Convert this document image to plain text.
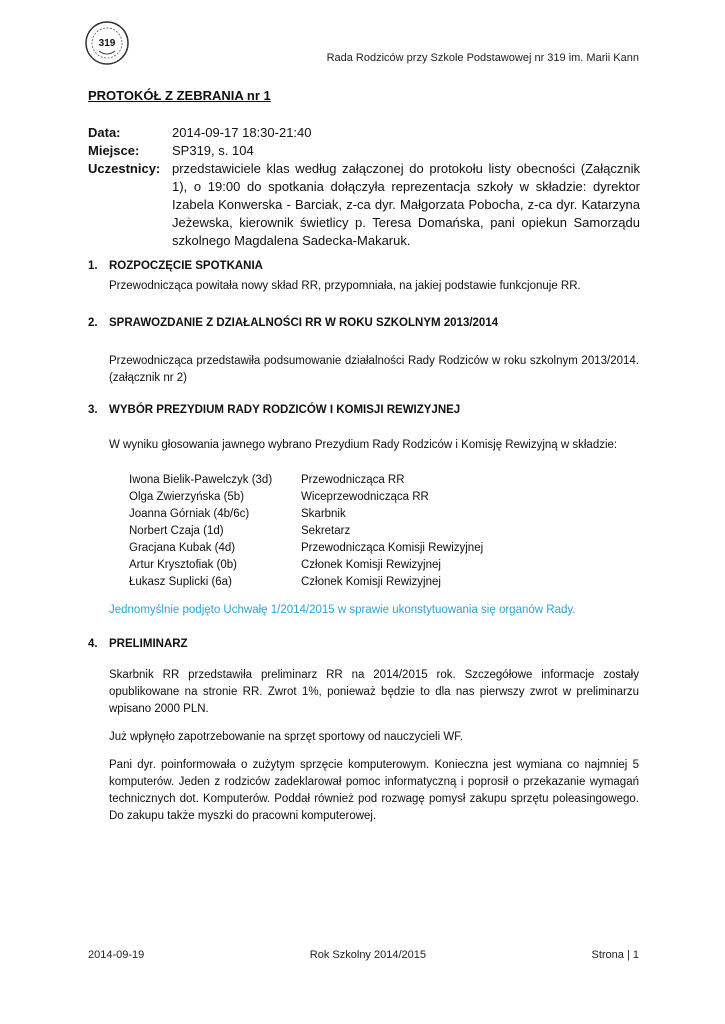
319
Rada Rodziców przy Szkole Podstawowej nr 319 im. Marii Kann
PROTOKÓŁ Z ZEBRANIA nr 1
Data:	2014-09-17 18:30-21:40
Miejsce:	SP319, s. 104
Uczestnicy: przedstawiciele klas według załączonej do protokołu listy obecności (Załącznik 1), o 19:00 do spotkania dołączyła reprezentacja szkoły w składzie: dyrektor Izabela Konwerska - Barciak, z-ca dyr. Małgorzata Pobocha, z-ca dyr. Katarzyna Jeżewska, kierownik świetlicy p. Teresa Domańska, pani opiekun Samorządu szkolnego Magdalena Sadecka-Makaruk.
1. ROZPOCZĘCIE SPOTKANIA
Przewodnicząca powitała nowy skład RR, przypomniała, na jakiej podstawie funkcjonuje RR.
2. SPRAWOZDANIE Z DZIAŁALNOŚCI RR W ROKU SZKOLNYM 2013/2014
Przewodnicząca przedstawiła podsumowanie działalności Rady Rodziców w roku szkolnym 2013/2014. (załącznik nr 2)
3. WYBÓR PREZYDIUM RADY RODZICÓW I KOMISJI REWIZYJNEJ
W wyniku głosowania jawnego wybrano Prezydium Rady Rodziców i Komisję Rewizyjną w składzie:
Iwona Bielik-Pawelczyk (3d)	Przewodnicząca RR
Olga Zwierzyńska (5b)	Wiceprzewodnicząca RR
Joanna Górniak (4b/6c)	Skarbnik
Norbert Czaja (1d)	Sekretarz
Gracjana Kubak (4d)	Przewodnicząca Komisji Rewizyjnej
Artur Krysztofiak (0b)	Członek Komisji Rewizyjnej
Łukasz Suplicki (6a)	Członek Komisji Rewizyjnej
Jednomyślnie podjęto Uchwałę 1/2014/2015 w sprawie ukonstytuowania się organów Rady.
4. PRELIMINARZ
Skarbnik RR przedstawiła preliminarz RR na 2014/2015 rok. Szczegółowe informacje zostały opublikowane na stronie RR. Zwrot 1%, ponieważ będzie to dla nas pierwszy zwrot w preliminarzu wpisano 2000 PLN.
Już wpłynęło zapotrzebowanie na sprzęt sportowy od nauczycieli WF.
Pani dyr. poinformowała o zużytym sprzęcie komputerowym. Konieczna jest wymiana co najmniej 5 komputerów. Jeden z rodziców zadeklarował pomoc informatyczną i poprosił o przekazanie wymagań technicznych dot. Komputerów. Poddał również pod rozwagę pomysł zakupu sprzętu poleasingowego. Do zakupu także myszki do pracowni komputerowej.
2014-09-19	Rok Szkolny 2014/2015	Strona | 1
